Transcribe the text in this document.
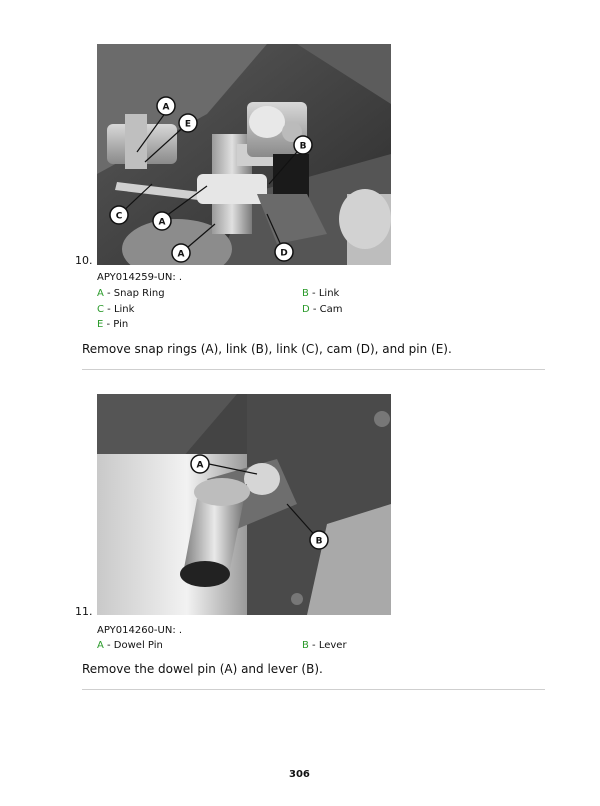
A
E
B
C
A
A	D
10.
APY014259-UN: .
A - Snap Ring	B - Link
C - Link	D - Cam
E - Pin
Remove snap rings (A), link (B), link (C), cam (D), and pin (E).
A
B
11.
APY014260-UN: .
A - Dowel Pin	B - Lever
Remove the dowel pin (A) and lever (B).
306
